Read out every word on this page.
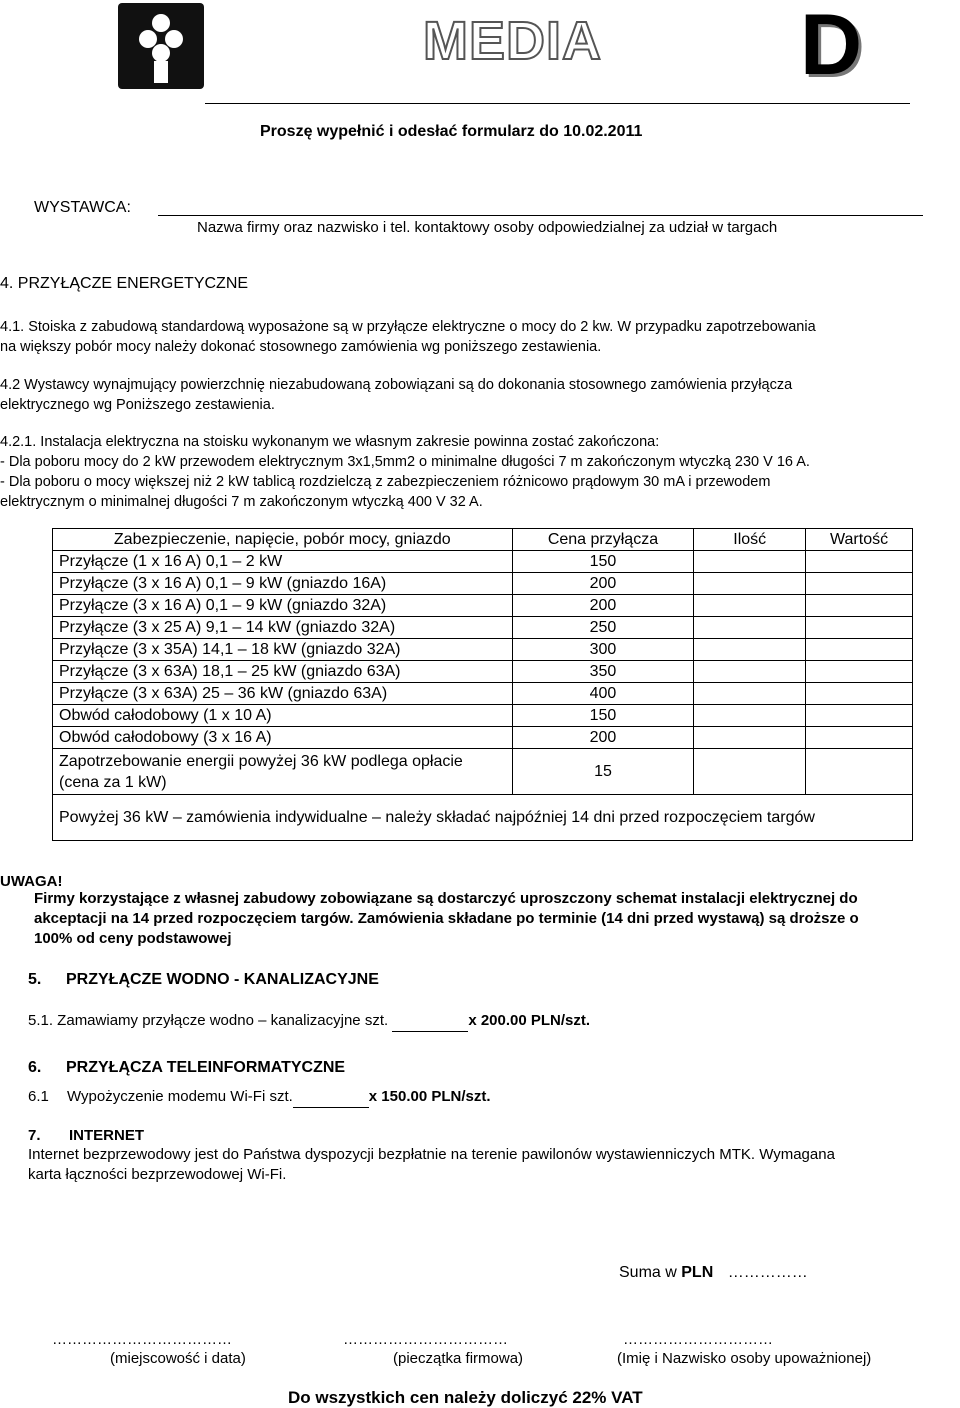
MEDIA D
Proszę wypełnić i odesłać formularz do 10.02.2011
WYSTAWCA:
Nazwa firmy oraz nazwisko i tel. kontaktowy osoby odpowiedzialnej za udział w targach
4. PRZYŁĄCZE ENERGETYCZNE
4.1. Stoiska z zabudową standardową wyposażone są w przyłącze elektryczne o mocy do 2 kw. W przypadku zapotrzebowania
na większy pobór mocy należy dokonać stosownego zamówienia wg poniższego zestawienia.
4.2 Wystawcy wynajmujący powierzchnię niezabudowaną zobowiązani są do dokonania stosownego zamówienia przyłącza
elektrycznego wg Poniższego zestawienia.
4.2.1. Instalacja elektryczna na stoisku wykonanym we własnym zakresie powinna zostać zakończona:
- Dla poboru mocy do 2 kW przewodem elektrycznym 3x1,5mm2 o minimalne długości 7 m zakończonym wtyczką 230 V 16 A.
- Dla poboru o mocy większej niż 2 kW tablicą rozdzielczą z zabezpieczeniem różnicowo prądowym 30 mA i przewodem
elektrycznym o minimalnej długości 7 m zakończonym wtyczką 400 V 32 A.
Zabezpieczenie, napięcie, pobór mocy, gniazdo	Cena przyłącza	Ilość	Wartość
Przyłącze (1 x 16 A) 0,1 – 2 kW	150		
Przyłącze (3 x 16 A) 0,1 – 9 kW (gniazdo 16A)	200		
Przyłącze (3 x 16 A) 0,1 – 9 kW (gniazdo 32A)	200		
Przyłącze (3 x 25 A) 9,1 – 14 kW (gniazdo 32A)	250		
Przyłącze (3 x 35A) 14,1 – 18 kW (gniazdo 32A)	300		
Przyłącze (3 x 63A) 18,1 – 25 kW (gniazdo 63A)	350		
Przyłącze (3 x 63A) 25 – 36 kW (gniazdo 63A)	400		
Obwód całodobowy (1 x 10 A)	150		
Obwód całodobowy (3 x 16 A)	200		
Zapotrzebowanie energii powyżej 36 kW podlega opłacie (cena za 1 kW)	15		
Powyżej 36 kW – zamówienia indywidualne – należy składać najpóźniej 14 dni przed rozpoczęciem targów			
UWAGA!
Firmy korzystające z własnej zabudowy zobowiązane są dostarczyć uproszczony schemat instalacji elektrycznej do
akceptacji na 14 przed rozpoczęciem targów. Zamówienia składane po terminie (14 dni przed wystawą) są droższe o
100% od ceny podstawowej
5. PRZYŁĄCZE WODNO - KANALIZACYJNE
5.1. Zamawiamy przyłącze wodno – kanalizacyjne szt.	x 200.00 PLN/szt.
6. PRZYŁĄCZA TELEINFORMATYCZNE
6.1 Wypożyczenie modemu Wi-Fi szt.	x 150.00 PLN/szt.
7. INTERNET
Internet bezprzewodowy jest do Państwa dyspozycji bezpłatnie na terenie pawilonów wystawienniczych MTK. Wymagana
karta łączności bezprzewodowej Wi-Fi.
Suma w PLN ……………
………………………………
(miejscowość i data)
……………………………
(pieczątka firmowa)
…………………………
(Imię i Nazwisko osoby upoważnionej)
Do wszystkich cen należy doliczyć 22% VAT
